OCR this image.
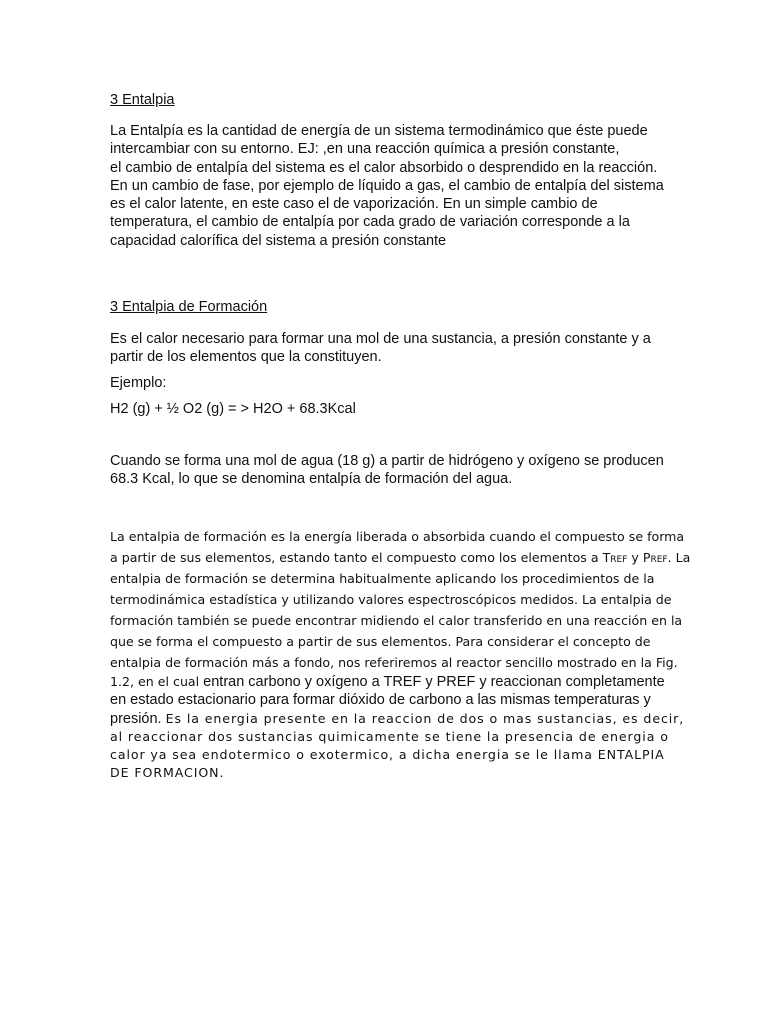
3 Entalpia

La Entalpía es la cantidad de energía de un sistema termodinámico que éste puede
intercambiar con su entorno. EJ: ,en una reacción química a presión constante,
el cambio de entalpía del sistema es el calor absorbido o desprendido en la reacción.
En un cambio de fase, por ejemplo de líquido a gas, el cambio de entalpía del sistema
es el calor latente, en este caso el de vaporización. En un simple cambio de
temperatura, el cambio de entalpía por cada grado de variación corresponde a la
capacidad calorífica del sistema a presión constante

3 Entalpia de Formación

Es el calor necesario para formar una mol de una sustancia, a presión constante y a
partir de los elementos que la constituyen.

Ejemplo:

H2 (g) + ½ O2 (g) = > H2O + 68.3Kcal

Cuando se forma una mol de agua (18 g) a partir de hidrógeno y oxígeno se producen
68.3 Kcal, lo que se denomina entalpía de formación del agua.

La entalpia de formación es la energía liberada o absorbida cuando el compuesto se forma
a partir de sus elementos, estando tanto el compuesto como los elementos a Tref y Pref. La
entalpia de formación se determina habitualmente aplicando los procedimientos de la
termodinámica estadística y utilizando valores espectroscópicos medidos. La entalpia de
formación también se puede encontrar midiendo el calor transferido en una reacción en la
que se forma el compuesto a partir de sus elementos. Para considerar el concepto de
entalpia de formación más a fondo, nos referiremos al reactor sencillo mostrado en la Fig.
1.2, en el cual entran carbono y oxígeno a TREF y PREF y reaccionan completamente
en estado estacionario para formar dióxido de carbono a las mismas temperaturas y
presión. Es la energia presente en la reaccion de dos o mas sustancias, es decir,
al reaccionar dos sustancias quimicamente se tiene la presencia de energia o
calor ya sea endotermico o exotermico, a dicha energia se le llama ENTALPIA
DE FORMACION.
